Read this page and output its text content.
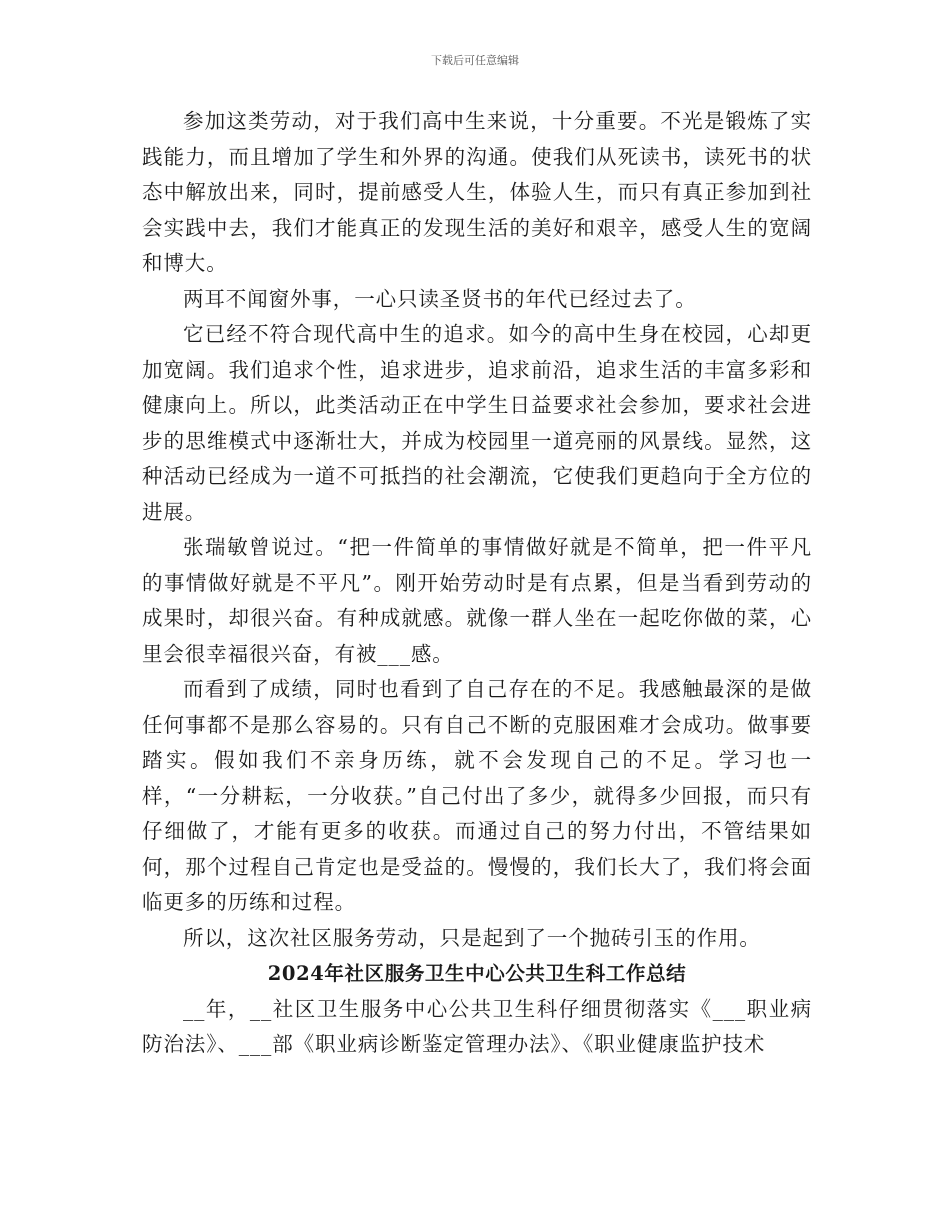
下载后可任意编辑

参加这类劳动，对于我们高中生来说，十分重要。不光是锻炼了实践能力，而且增加了学生和外界的沟通。使我们从死读书，读死书的状态中解放出来，同时，提前感受人生，体验人生，而只有真正参加到社会实践中去，我们才能真正的发现生活的美好和艰辛，感受人生的宽阔和博大。

两耳不闻窗外事，一心只读圣贤书的年代已经过去了。

它已经不符合现代高中生的追求。如今的高中生身在校园，心却更加宽阔。我们追求个性，追求进步，追求前沿，追求生活的丰富多彩和健康向上。所以，此类活动正在中学生日益要求社会参加，要求社会进步的思维模式中逐渐壮大，并成为校园里一道亮丽的风景线。显然，这种活动已经成为一道不可抵挡的社会潮流，它使我们更趋向于全方位的进展。

张瑞敏曾说过。“把一件简单的事情做好就是不简单，把一件平凡的事情做好就是不平凡”。刚开始劳动时是有点累，但是当看到劳动的成果时，却很兴奋。有种成就感。就像一群人坐在一起吃你做的菜，心里会很幸福很兴奋，有被___感。

而看到了成绩，同时也看到了自己存在的不足。我感触最深的是做任何事都不是那么容易的。只有自己不断的克服困难才会成功。做事要踏实。假如我们不亲身历练，就不会发现自己的不足。学习也一样，“一分耕耘，一分收获。”自己付出了多少，就得多少回报，而只有仔细做了，才能有更多的收获。而通过自己的努力付出，不管结果如何，那个过程自己肯定也是受益的。慢慢的，我们长大了，我们将会面临更多的历练和过程。

所以，这次社区服务劳动，只是起到了一个抛砖引玉的作用。

2024年社区服务卫生中心公共卫生科工作总结

__年，__社区卫生服务中心公共卫生科仔细贯彻落实《___职业病防治法》、___部《职业病诊断鉴定管理办法》、《职业健康监护技术
